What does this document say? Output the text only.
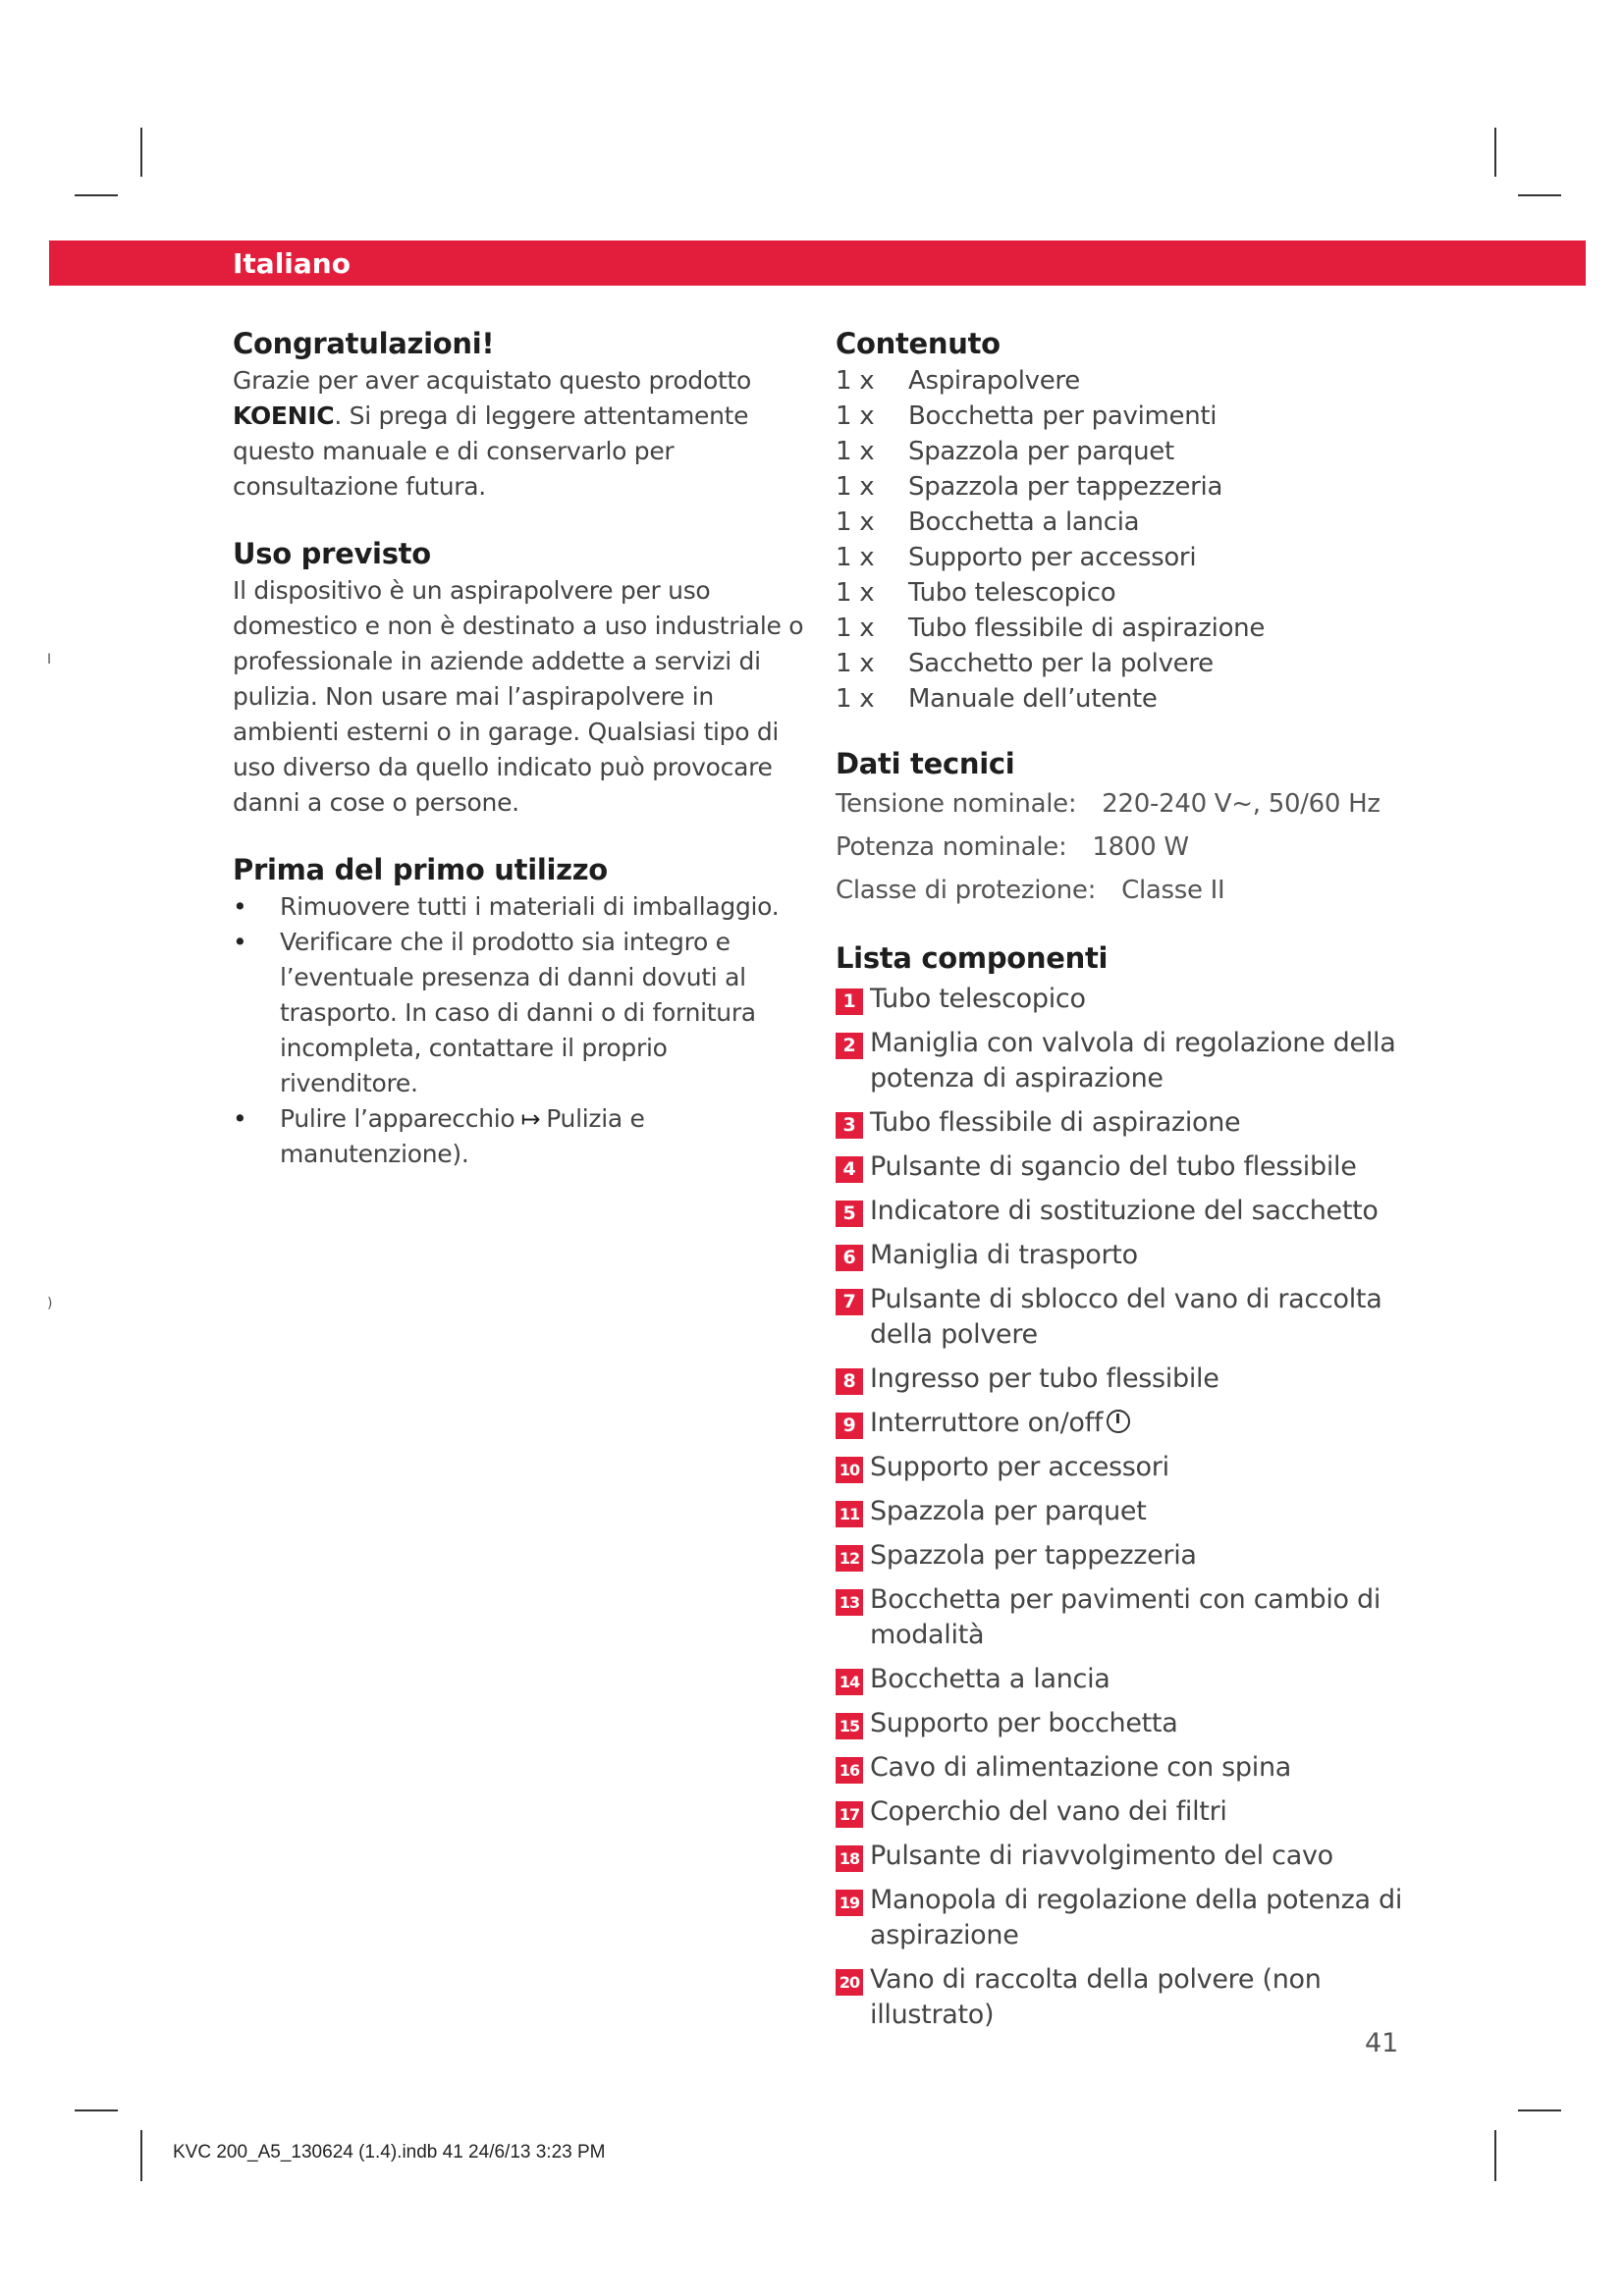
I
)
Italiano
Congratulazioni!

Grazie per aver acquistato questo prodotto KOENIC. Si prega di leggere attentamente questo manuale e di conservarlo per consultazione futura.

Uso previsto

Il dispositivo è un aspirapolvere per uso domestico e non è destinato a uso industriale o professionale in aziende addette a servizi di pulizia. Non usare mai l’aspirapolvere in ambienti esterni o in garage. Qualsiasi tipo di uso diverso da quello indicato può provocare danni a cose o persone.

Prima del primo utilizzo
• Rimuovere tutti i materiali di imballaggio.
• Verificare che il prodotto sia integro e l’eventuale presenza di danni dovuti al trasporto. In caso di danni o di fornitura incompleta, contattare il proprio rivenditore.
• Pulire l’apparecchio ↦ Pulizia e manutenzione).
Contenuto
1 x	Aspirapolvere
1 x	Bocchetta per pavimenti
1 x	Spazzola per parquet
1 x	Spazzola per tappezzeria
1 x	Bocchetta a lancia
1 x	Supporto per accessori
1 x	Tubo telescopico
1 x	Tubo flessibile di aspirazione
1 x	Sacchetto per la polvere
1 x	Manuale dell’utente
Dati tecnici
Tensione nominale: 220-240 V~, 50/60 Hz
Potenza nominale: 1800 W
Classe di protezione: Classe II
Lista componenti
1 Tubo telescopico
2 Maniglia con valvola di regolazione della potenza di aspirazione
3 Tubo flessibile di aspirazione
4 Pulsante di sgancio del tubo flessibile
5 Indicatore di sostituzione del sacchetto
6 Maniglia di trasporto
7 Pulsante di sblocco del vano di raccolta della polvere
8 Ingresso per tubo flessibile
9 Interruttore on/off
10 Supporto per accessori
11 Spazzola per parquet
12 Spazzola per tappezzeria
13 Bocchetta per pavimenti con cambio di modalità
14 Bocchetta a lancia
15 Supporto per bocchetta
16 Cavo di alimentazione con spina
17 Coperchio del vano dei filtri
18 Pulsante di riavvolgimento del cavo
19 Manopola di regolazione della potenza di aspirazione
20 Vano di raccolta della polvere (non illustrato)
41
KVC 200_A5_130624 (1.4).indb 41 24/6/13 3:23 PM
